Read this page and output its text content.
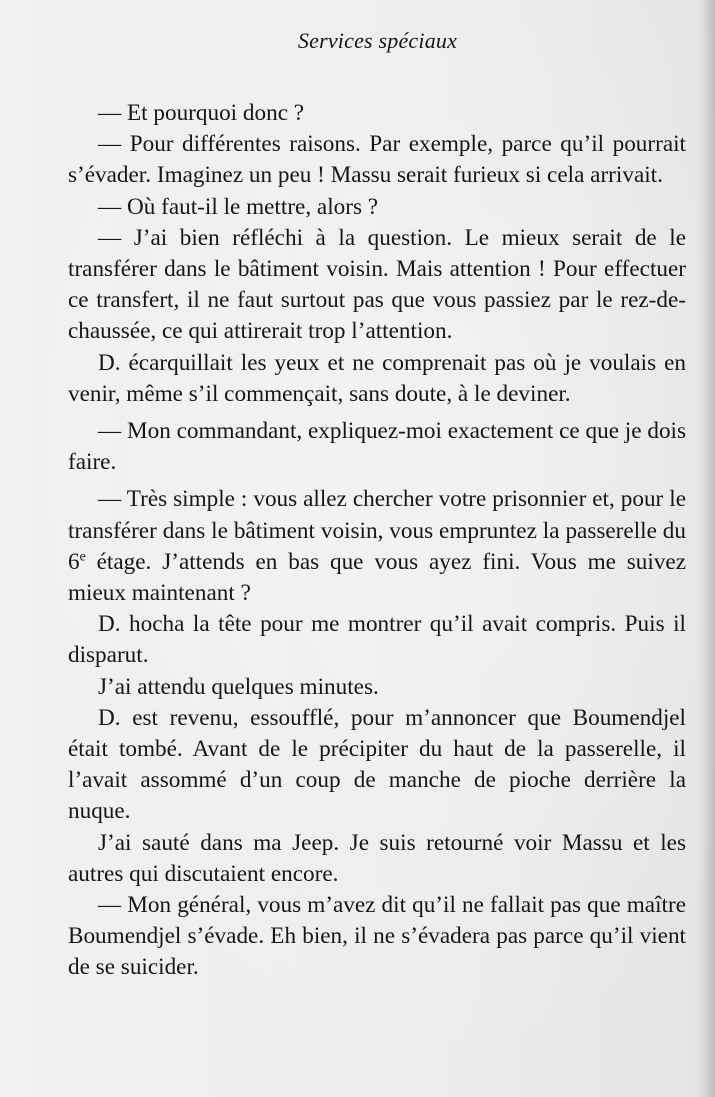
Services spéciaux

— Et pourquoi donc ?

— Pour différentes raisons. Par exemple, parce qu’il pourrait s’évader. Imaginez un peu ! Massu serait furieux si cela arrivait.

— Où faut-il le mettre, alors ?

— J’ai bien réfléchi à la question. Le mieux serait de le transférer dans le bâtiment voisin. Mais attention ! Pour effectuer ce transfert, il ne faut surtout pas que vous passiez par le rez-de-chaussée, ce qui attirerait trop l’attention.

D. écarquillait les yeux et ne comprenait pas où je voulais en venir, même s’il commençait, sans doute, à le deviner.

— Mon commandant, expliquez-moi exactement ce que je dois faire.

— Très simple : vous allez chercher votre prisonnier et, pour le transférer dans le bâtiment voisin, vous empruntez la passerelle du 6e étage. J’attends en bas que vous ayez fini. Vous me suivez mieux maintenant ?

D. hocha la tête pour me montrer qu’il avait compris. Puis il disparut.

J’ai attendu quelques minutes.

D. est revenu, essoufflé, pour m’annoncer que Boumendjel était tombé. Avant de le précipiter du haut de la passerelle, il l’avait assommé d’un coup de manche de pioche derrière la nuque.

J’ai sauté dans ma Jeep. Je suis retourné voir Massu et les autres qui discutaient encore.

— Mon général, vous m’avez dit qu’il ne fallait pas que maître Boumendjel s’évade. Eh bien, il ne s’évadera pas parce qu’il vient de se suicider.
